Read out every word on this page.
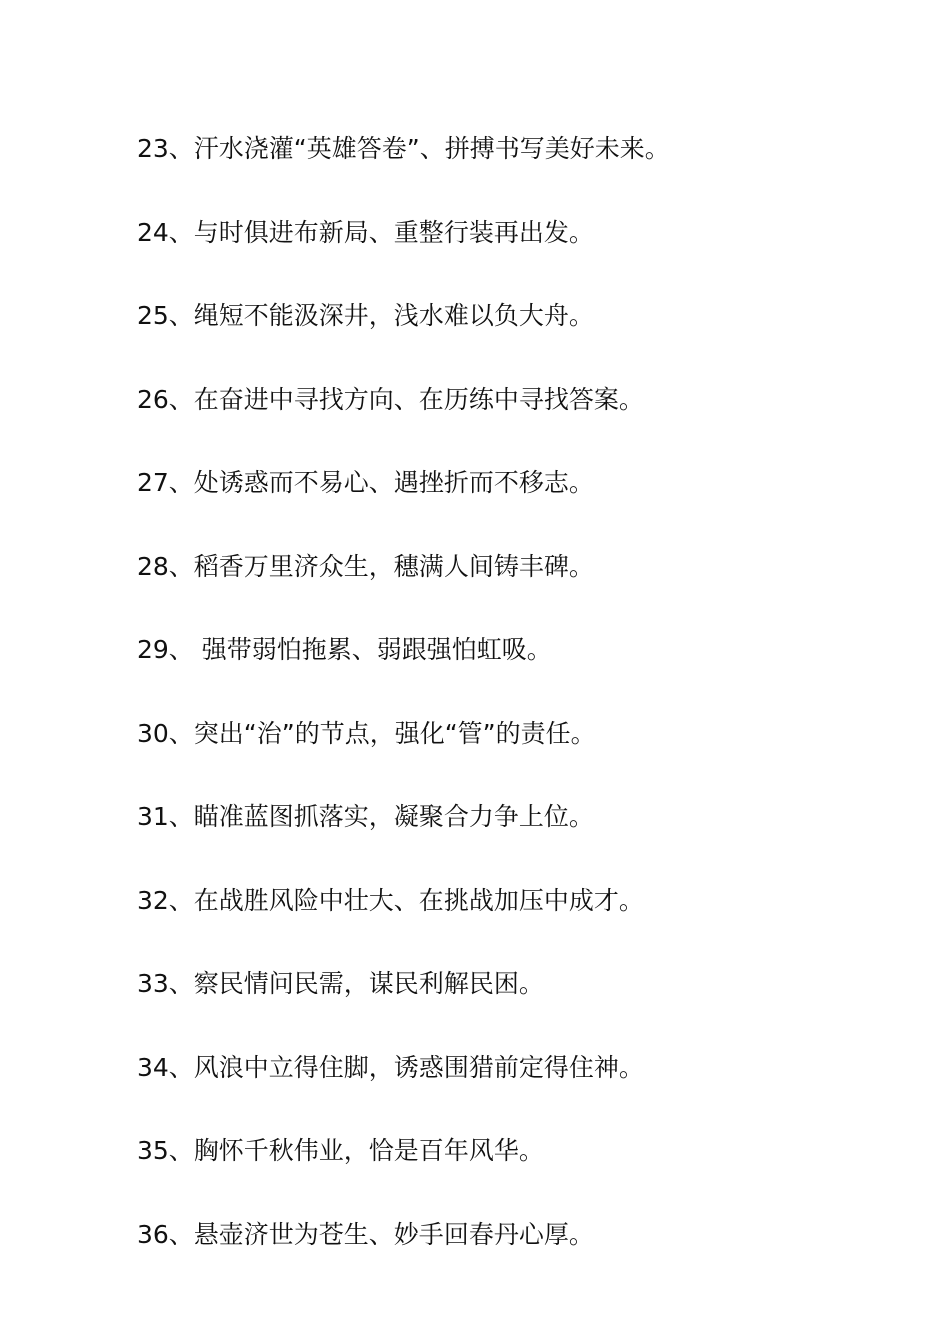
23、汗水浇灌“英雄答卷”、拼搏书写美好未来。
24、与时俱进布新局、重整行装再出发。
25、绳短不能汲深井，浅水难以负大舟。
26、在奋进中寻找方向、在历练中寻找答案。
27、处诱惑而不易心、遇挫折而不移志。
28、稻香万里济众生，穗满人间铸丰碑。
29、 强带弱怕拖累、弱跟强怕虹吸。
30、突出“治”的节点，强化“管”的责任。
31、瞄准蓝图抓落实，凝聚合力争上位。
32、在战胜风险中壮大、在挑战加压中成才。
33、察民情问民需，谋民利解民困。
34、风浪中立得住脚，诱惑围猎前定得住神。
35、胸怀千秋伟业，恰是百年风华。
36、悬壶济世为苍生、妙手回春丹心厚。
